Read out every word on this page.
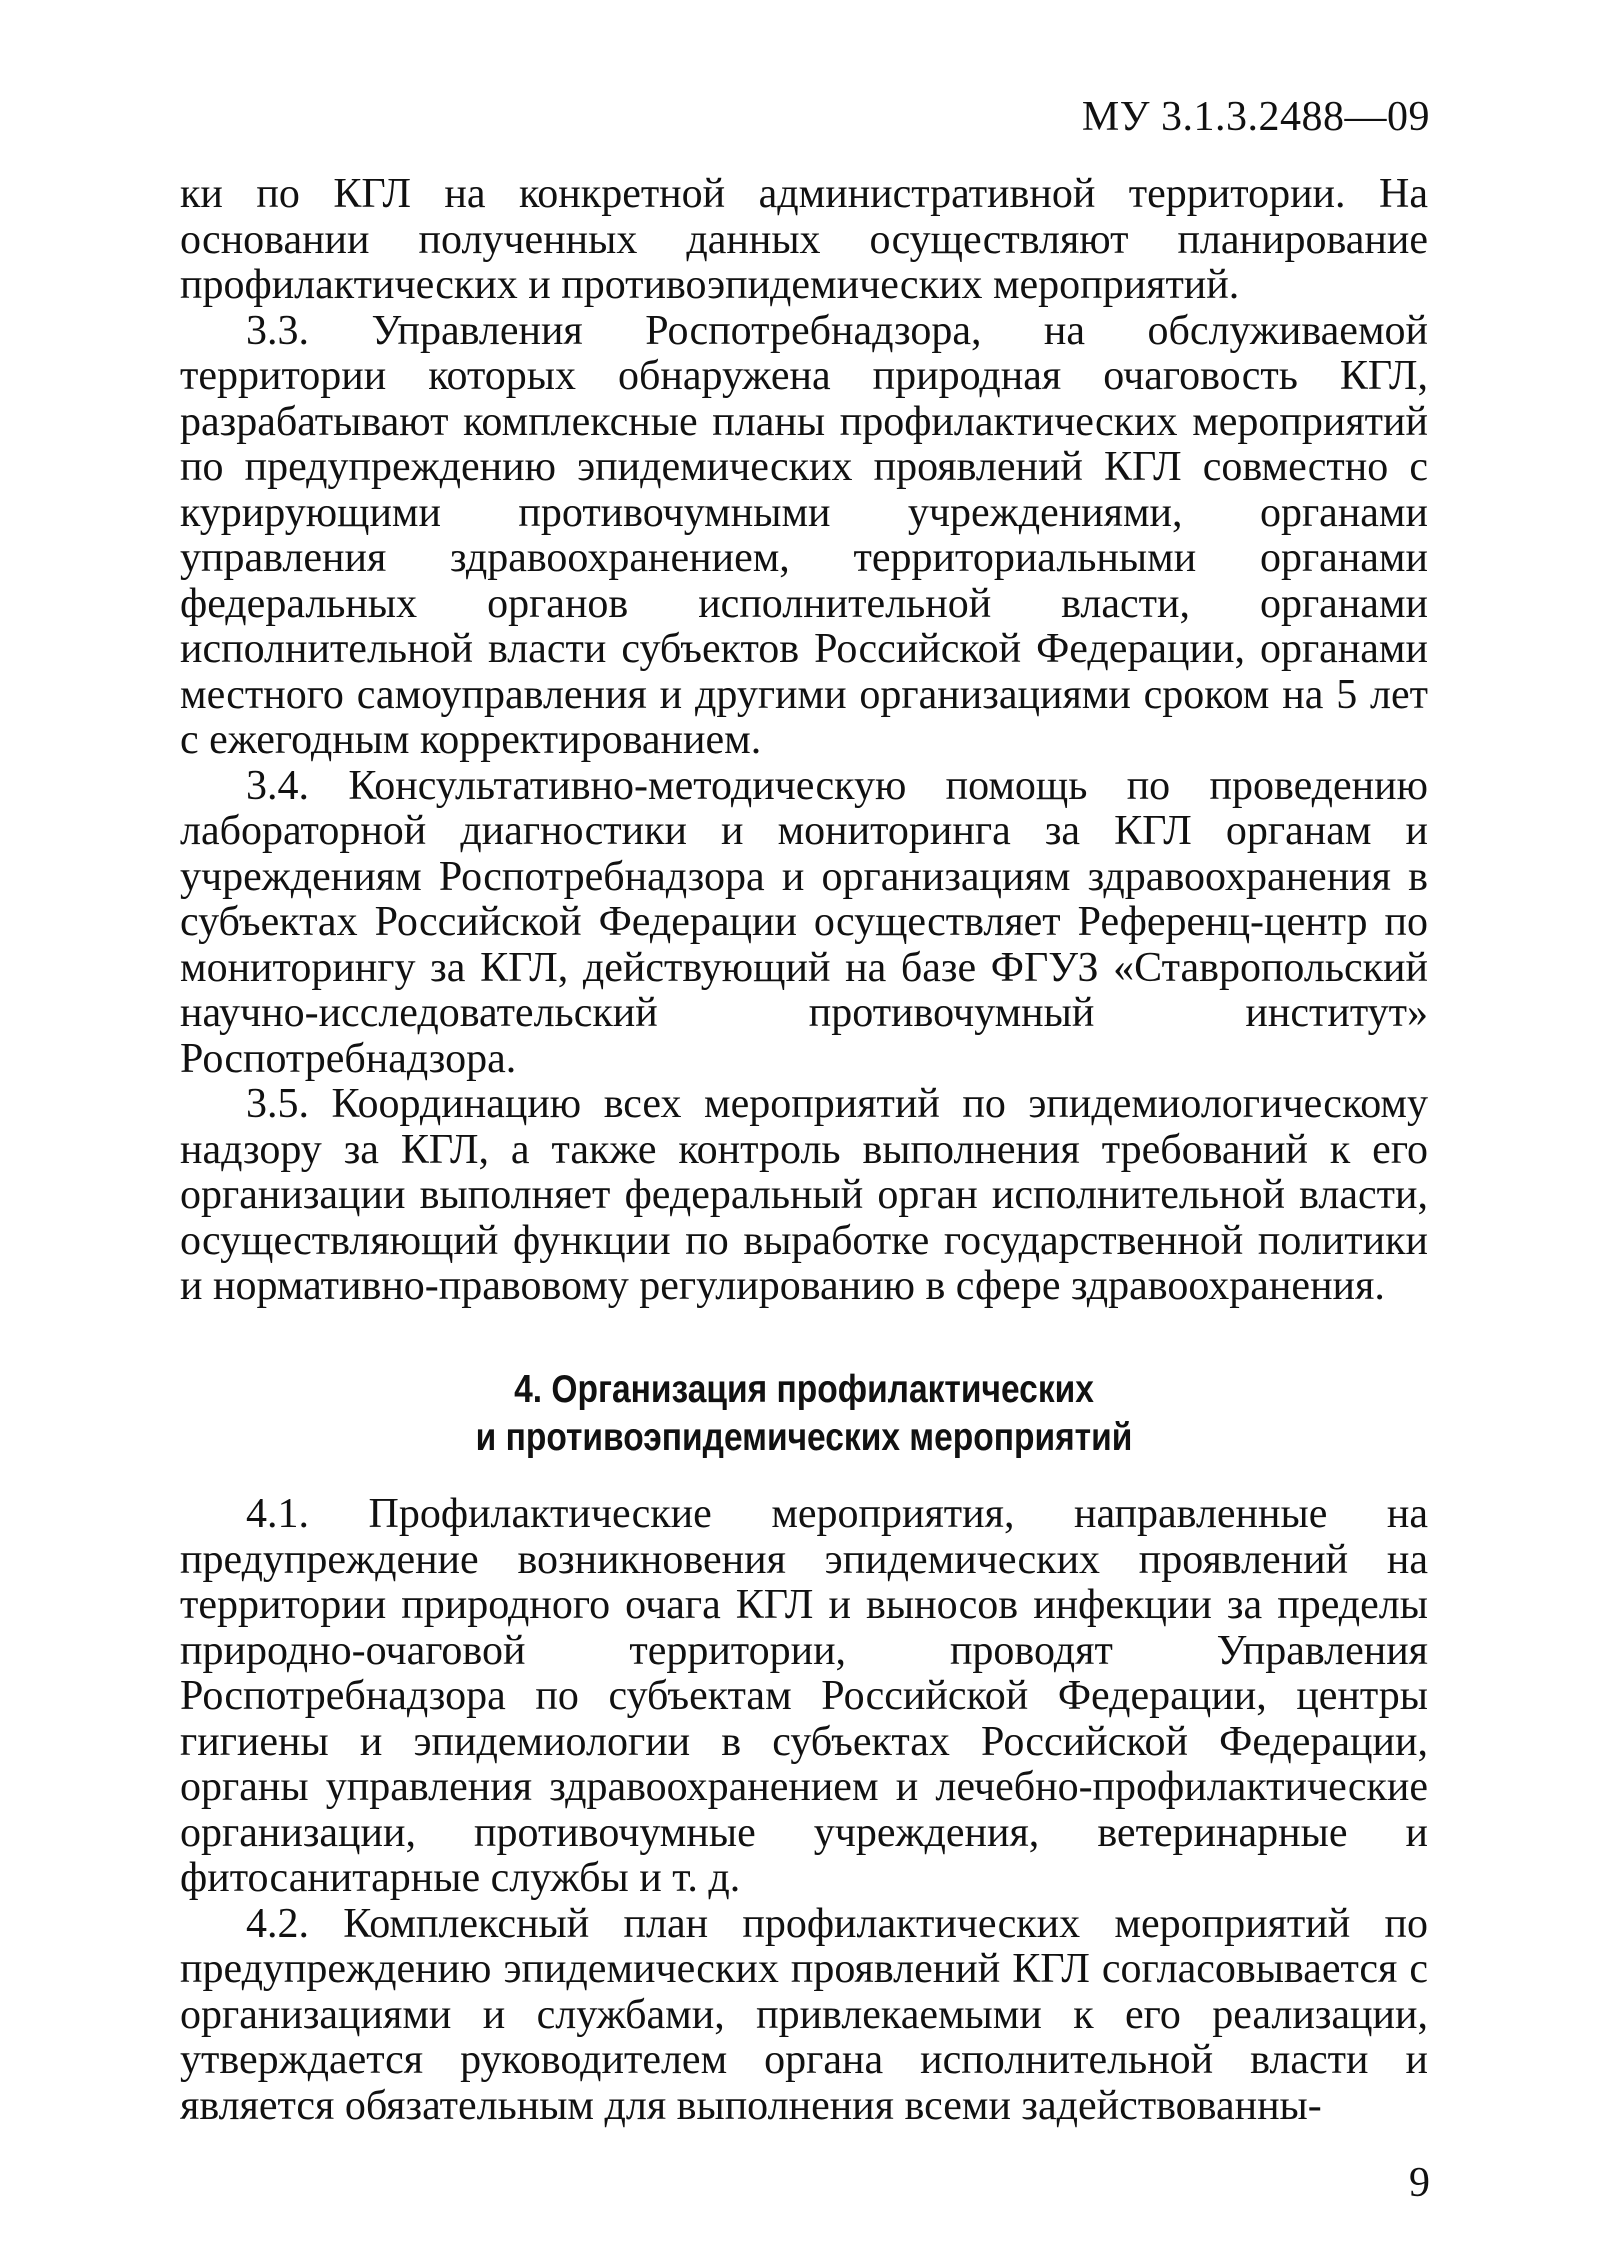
МУ 3.1.3.2488—09

ки по КГЛ на конкретной административной территории. На основании полученных данных осуществляют планирование профилактических и противоэпидемических мероприятий.

3.3. Управления Роспотребнадзора, на обслуживаемой территории которых обнаружена природная очаговость КГЛ, разрабатывают комплексные планы профилактических мероприятий по предупреждению эпидемических проявлений КГЛ совместно с курирующими противочумными учреждениями, органами управления здравоохранением, территориальными органами федеральных органов исполнительной власти, органами исполнительной власти субъектов Российской Федерации, органами местного самоуправления и другими организациями сроком на 5 лет с ежегодным корректированием.

3.4. Консультативно-методическую помощь по проведению лабораторной диагностики и мониторинга за КГЛ органам и учреждениям Роспотребнадзора и организациям здравоохранения в субъектах Российской Федерации осуществляет Референц-центр по мониторингу за КГЛ, действующий на базе ФГУЗ «Ставропольский научно-исследовательский противочумный институт» Роспотребнадзора.

3.5. Координацию всех мероприятий по эпидемиологическому надзору за КГЛ, а также контроль выполнения требований к его организации выполняет федеральный орган исполнительной власти, осуществляющий функции по выработке государственной политики и нормативно-правовому регулированию в сфере здравоохранения.

4. Организация профилактических
и противоэпидемических мероприятий

4.1. Профилактические мероприятия, направленные на предупреждение возникновения эпидемических проявлений на территории природного очага КГЛ и выносов инфекции за пределы природно-очаговой территории, проводят Управления Роспотребнадзора по субъектам Российской Федерации, центры гигиены и эпидемиологии в субъектах Российской Федерации, органы управления здравоохранением и лечебно-профилактические организации, противочумные учреждения, ветеринарные и фитосанитарные службы и т. д.

4.2. Комплексный план профилактических мероприятий по предупреждению эпидемических проявлений КГЛ согласовывается с организациями и службами, привлекаемыми к его реализации, утверждается руководителем органа исполнительной власти и является обязательным для выполнения всеми задействованны-

9
